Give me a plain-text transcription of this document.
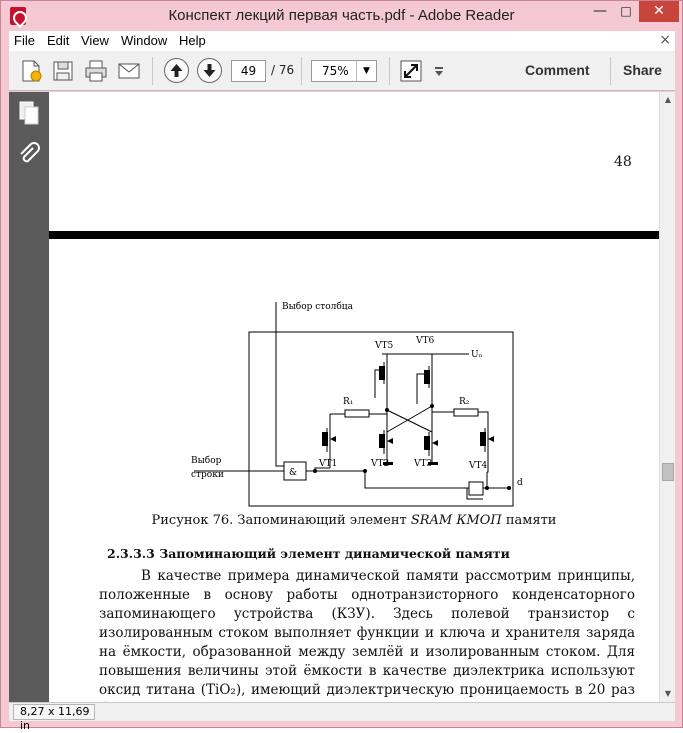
Конспект лекций первая часть.pdf - Adobe Reader	—	□	✕
File Edit View Window Help	×
49	/ 76 75%	▼	Comment Share
48
Выбор столбца
VT5	VT6
Uₙ
R₁	R₂
VT1	VT2	VT3	VT4
Выбор
строки	&
d
Рисунок 76. Запоминающий элемент SRAM КМОП памяти
2.3.3.3 Запоминающий элемент динамической памяти

В качестве примера динамической памяти рассмотрим принципы, положенные в основу работы однотранзисторного конденсаторного запоминающего устройства (КЗУ). Здесь полевой транзистор с изолированным стоком выполняет функции и ключа и хранителя заряда на ёмкости, образованной между землёй и изолированным стоком. Для повышения величины этой ёмкости в качестве диэлектрика используют оксид титана (TiO₂), имеющий диэлектрическую проницаемость в 20 раз

▲
▼
8,27 x 11,69 in
